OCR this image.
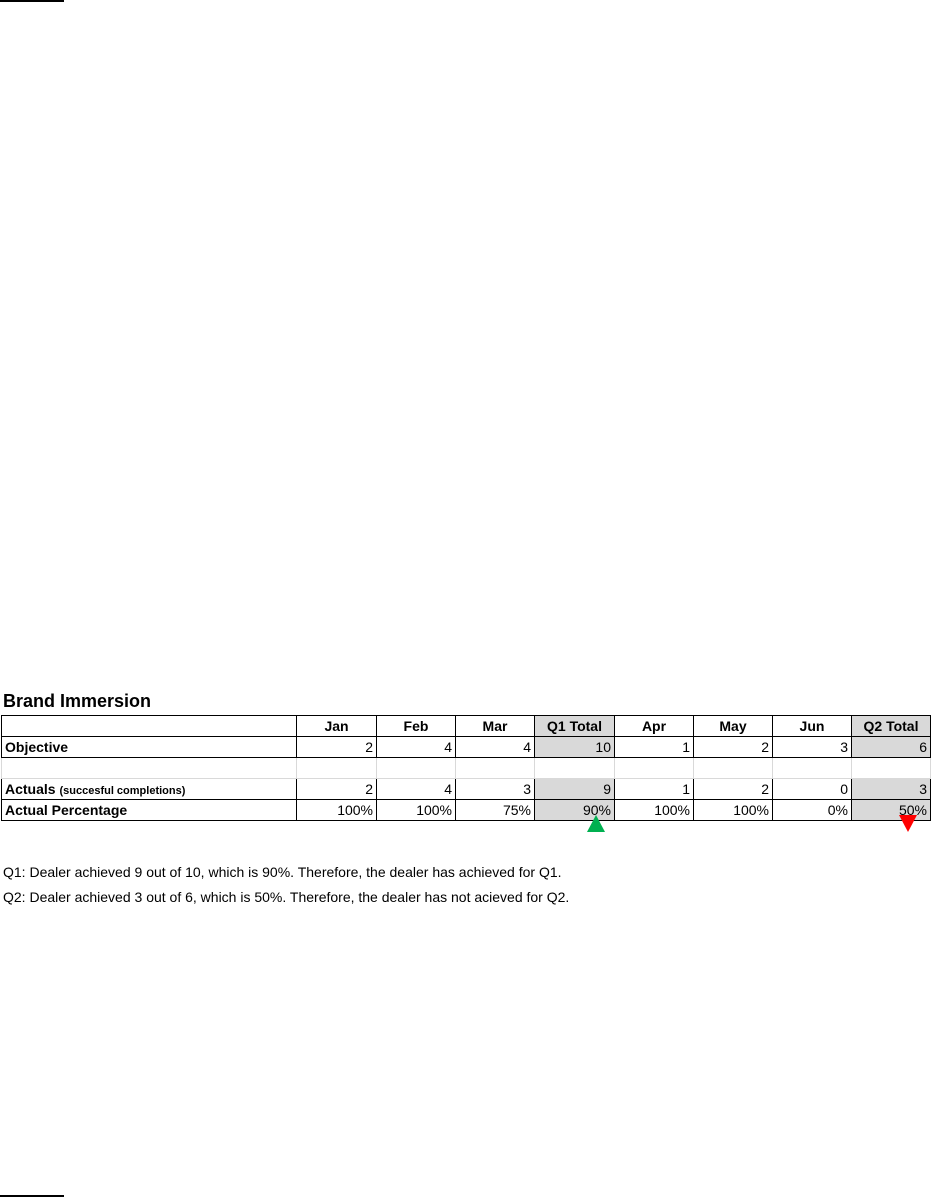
Brand Immersion
	Jan	Feb	Mar	Q1 Total	Apr	May	Jun	Q2 Total
Objective	2	4	4	10	1	2	3	6

Actuals (succesful completions)	2	4	3	9	1	2	0	3
Actual Percentage	100%	100%	75%	90%	100%	100%	0%	50%
Q1: Dealer achieved 9 out of 10, which is 90%. Therefore, the dealer has achieved for Q1.
Q2: Dealer achieved 3 out of 6, which is 50%. Therefore, the dealer has not acieved for Q2.
